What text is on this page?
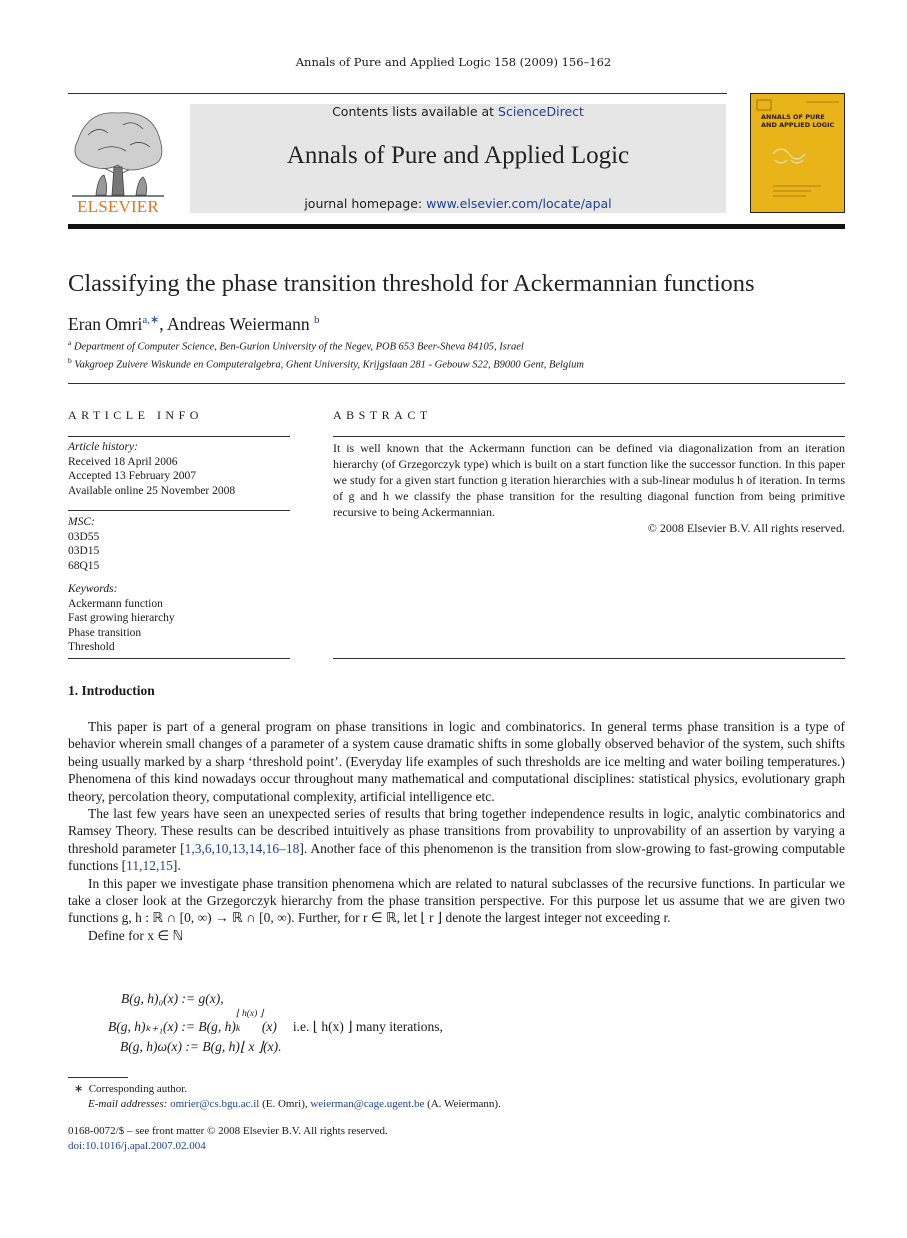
Annals of Pure and Applied Logic 158 (2009) 156–162
ELSEVIER
Contents lists available at ScienceDirect
Annals of Pure and Applied Logic
journal homepage: www.elsevier.com/locate/apal
ANNALS OF PURE AND APPLIED LOGIC
Classifying the phase transition threshold for Ackermannian functions
Eran Omri$^{a,∗}$, Andreas Weiermann $^b$
$^a$ Department of Computer Science, Ben-Gurion University of the Negev, POB 653 Beer-Sheva 84105, Israel
$^b$ Vakgroep Zuivere Wiskunde en Computeralgebra, Ghent University, Krijgslaan 281 - Gebouw S22, B9000 Gent, Belgium
ARTICLE INFO
Article history:
Received 18 April 2006
Accepted 13 February 2007
Available online 25 November 2008
MSC:
03D55
03D15
68Q15
Keywords:
Ackermann function
Fast growing hierarchy
Phase transition
Threshold
ABSTRACT
It is well known that the Ackermann function can be defined via diagonalization from an iteration hierarchy (of Grzegorczyk type) which is built on a start function like the successor function. In this paper we study for a given start function g iteration hierarchies with a sub-linear modulus h of iteration. In terms of g and h we classify the phase transition for the resulting diagonal function from being primitive recursive to being Ackermannian.
© 2008 Elsevier B.V. All rights reserved.
1. Introduction

This paper is part of a general program on phase transitions in logic and combinatorics. In general terms phase transition is a type of behavior wherein small changes of a parameter of a system cause dramatic shifts in some globally observed behavior of the system, such shifts being usually marked by a sharp ‘threshold point’. (Everyday life examples of such thresholds are ice melting and water boiling temperatures.) Phenomena of this kind nowadays occur throughout many mathematical and computational disciplines: statistical physics, evolutionary graph theory, percolation theory, computational complexity, artificial intelligence etc.

The last few years have seen an unexpected series of results that bring together independence results in logic, analytic combinatorics and Ramsey Theory. These results can be described intuitively as phase transitions from provability to unprovability of an assertion by varying a threshold parameter [1,3,6,10,13,14,16–18]. Another face of this phenomenon is the transition from slow-growing to fast-growing computable functions [11,12,15].

In this paper we investigate phase transition phenomena which are related to natural subclasses of the recursive functions. In particular we take a closer look at the Grzegorczyk hierarchy from the phase transition perspective. For this purpose let us assume that we are given two functions g, h : ℝ ∩ [0, ∞) → ℝ ∩ [0, ∞). Further, for r ∈ ℝ, let ⌊ r ⌋ denote the largest integer not exceeding r.

Define for x ∈ ℕ

B(g, h)₀(x) := g(x),
B(g, h)ₖ₊₁(x) := B(g, h)
⌊ h(x) ⌋
k (x) i.e. ⌊ h(x) ⌋ many iterations,
B(g, h)ω(x) := B(g, h)⌊ x ⌋(x).
∗ Corresponding author.
E-mail addresses: omrier@cs.bgu.ac.il (E. Omri), weierman@cage.ugent.be (A. Weiermann).
0168-0072/$ – see front matter © 2008 Elsevier B.V. All rights reserved.
doi:10.1016/j.apal.2007.02.004
